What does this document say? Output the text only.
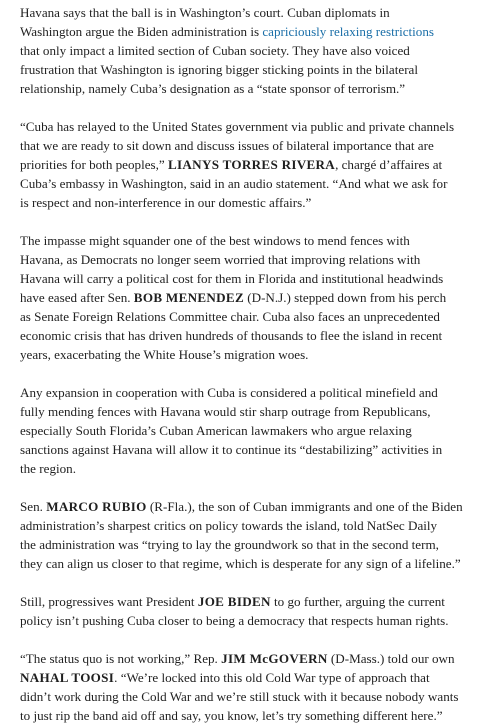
Havana says that the ball is in Washington’s court. Cuban diplomats in
Washington argue the Biden administration is capriciously relaxing restrictions
that only impact a limited section of Cuban society. They have also voiced
frustration that Washington is ignoring bigger sticking points in the bilateral
relationship, namely Cuba’s designation as a “state sponsor of terrorism.”

“Cuba has relayed to the United States government via public and private channels
that we are ready to sit down and discuss issues of bilateral importance that are
priorities for both peoples,” LIANYS TORRES RIVERA, chargé d’affaires at
Cuba’s embassy in Washington, said in an audio statement. “And what we ask for
is respect and non-interference in our domestic affairs.”

The impasse might squander one of the best windows to mend fences with
Havana, as Democrats no longer seem worried that improving relations with
Havana will carry a political cost for them in Florida and institutional headwinds
have eased after Sen. BOB MENENDEZ (D-N.J.) stepped down from his perch
as Senate Foreign Relations Committee chair. Cuba also faces an unprecedented
economic crisis that has driven hundreds of thousands to flee the island in recent
years, exacerbating the White House’s migration woes.

Any expansion in cooperation with Cuba is considered a political minefield and
fully mending fences with Havana would stir sharp outrage from Republicans,
especially South Florida’s Cuban American lawmakers who argue relaxing
sanctions against Havana will allow it to continue its “destabilizing” activities in
the region.

Sen. MARCO RUBIO (R-Fla.), the son of Cuban immigrants and one of the Biden
administration’s sharpest critics on policy towards the island, told NatSec Daily
the administration was “trying to lay the groundwork so that in the second term,
they can align us closer to that regime, which is desperate for any sign of a lifeline.”

Still, progressives want President JOE BIDEN to go further, arguing the current
policy isn’t pushing Cuba closer to being a democracy that respects human rights.

“The status quo is not working,” Rep. JIM McGOVERN (D-Mass.) told our own
NAHAL TOOSI. “We’re locked into this old Cold War type of approach that
didn’t work during the Cold War and we’re still stuck with it because nobody wants
to just rip the band aid off and say, you know, let’s try something different here.”
